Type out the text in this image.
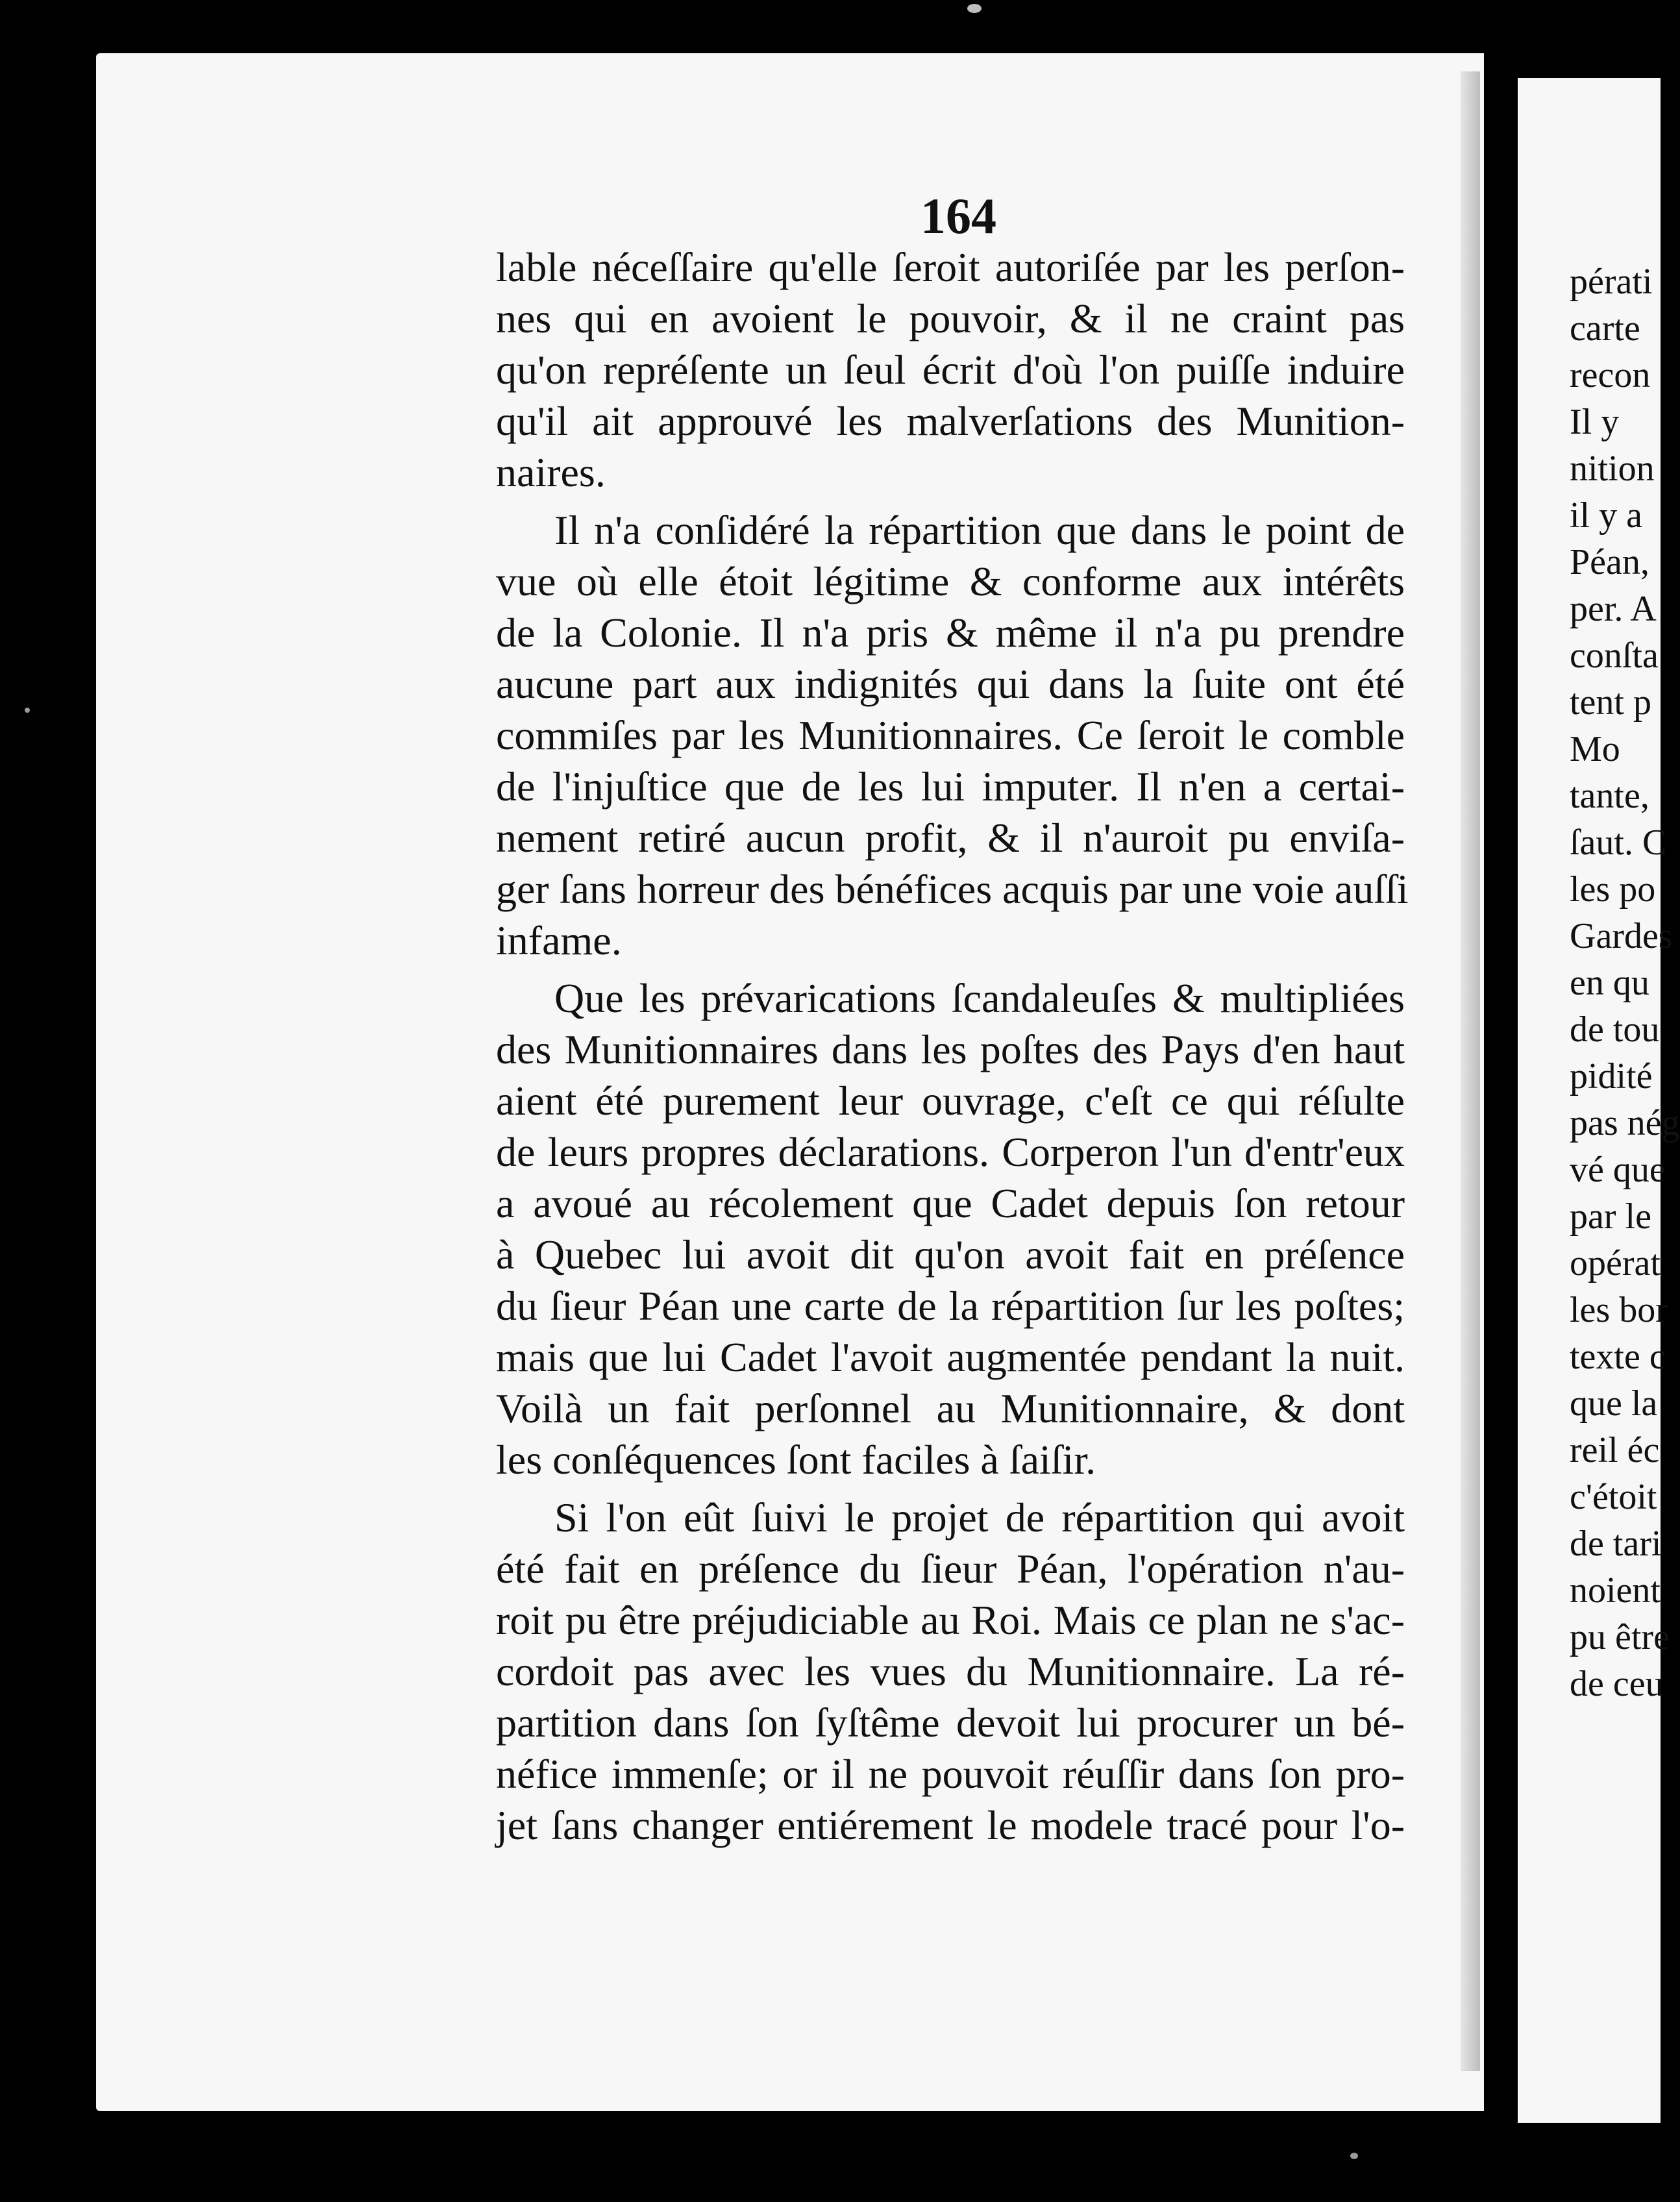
164
lable néceſſaire qu'elle ſeroit autoriſée par les perſon-
nes qui en avoient le pouvoir, & il ne craint pas
qu'on repréſente un ſeul écrit d'où l'on puiſſe induire
qu'il ait approuvé les malverſations des Munition-
naires.
Il n'a conſidéré la répartition que dans le point de
vue où elle étoit légitime & conforme aux intérêts
de la Colonie. Il n'a pris & même il n'a pu prendre
aucune part aux indignités qui dans la ſuite ont été
commiſes par les Munitionnaires. Ce ſeroit le comble
de l'injuſtice que de les lui imputer. Il n'en a certai-
nement retiré aucun profit, & il n'auroit pu enviſa-
ger ſans horreur des bénéfices acquis par une voie auſſi
infame.
Que les prévarications ſcandaleuſes & multipliées
des Munitionnaires dans les poſtes des Pays d'en haut
aient été purement leur ouvrage, c'eſt ce qui réſulte
de leurs propres déclarations. Corperon l'un d'entr'eux
a avoué au récolement que Cadet depuis ſon retour
à Quebec lui avoit dit qu'on avoit fait en préſence
du ſieur Péan une carte de la répartition ſur les poſtes;
mais que lui Cadet l'avoit augmentée pendant la nuit.
Voilà un fait perſonnel au Munitionnaire, & dont
les conſéquences ſont faciles à ſaiſir.
Si l'on eût ſuivi le projet de répartition qui avoit
été fait en préſence du ſieur Péan, l'opération n'au-
roit pu être préjudiciable au Roi. Mais ce plan ne s'ac-
cordoit pas avec les vues du Munitionnaire. La ré-
partition dans ſon ſyſtême devoit lui procurer un bé-
néfice immenſe; or il ne pouvoit réuſſir dans ſon pro-
jet ſans changer entiérement le modele tracé pour l'o-
pérati
carte
recon
Il y
nition
il y a
Péan,
per. A
conſta
tent p
Mo
tante,
ſaut. C
les po
Gardes
en qu
de tou
pidité
pas nég
vé que
par le
opérat
les bor
texte c
que la
reil éc
c'étoit
de tari
noient
pu être
de ceu
